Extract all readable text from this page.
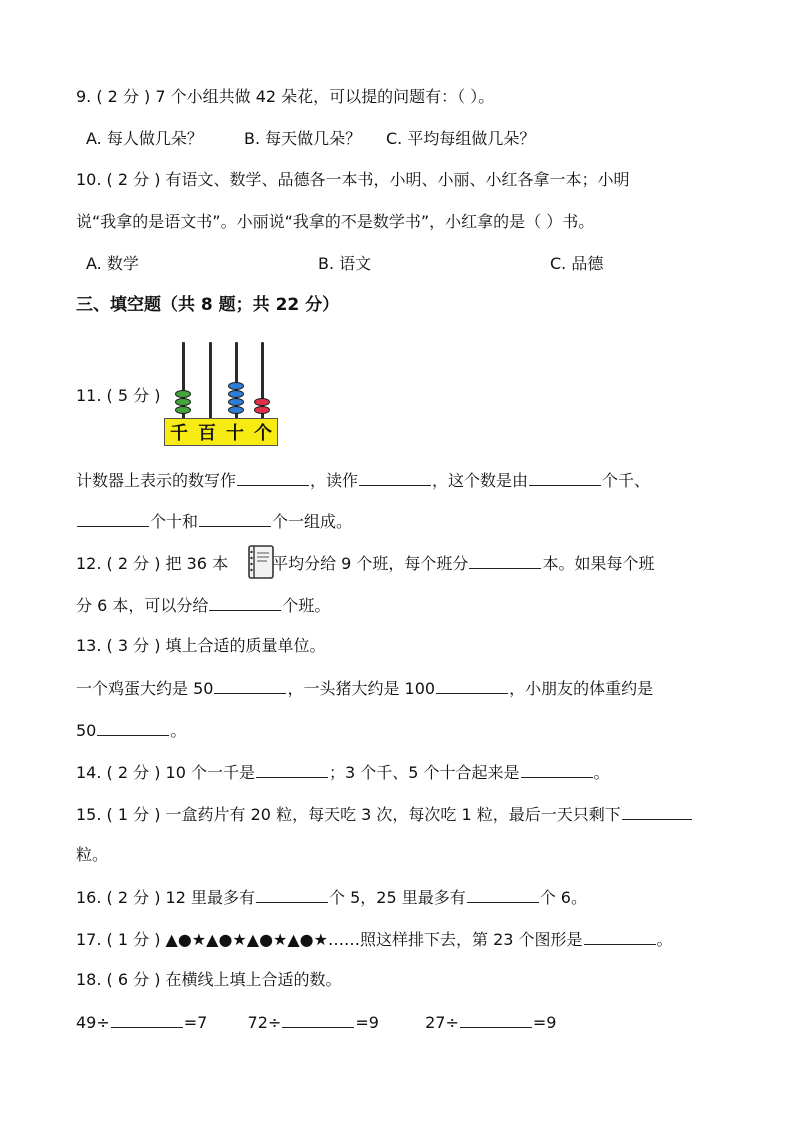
9. ( 2 分 ) 7 个小组共做 42 朵花，可以提的问题有：（ ）。
A. 每人做几朵？	B. 每天做几朵？ C. 平均每组做几朵？
10. ( 2 分 ) 有语文、数学、品德各一本书，小明、小丽、小红各拿一本；小明
说“我拿的是语文书”。小丽说“我拿的不是数学书”，小红拿的是（ ）书。
A. 数学	B. 语文	C. 品德
三、填空题（共 8 题；共 22 分）
11. ( 5 分 )
千 百 十 个
计数器上表示的数写作	，读作	，这个数是由	个千、
个十和	个一组成。
12. ( 2 分 ) 把 36 本	平均分给 9 个班，每个班分	本。如果每个班
分 6 本，可以分给	个班。
13. ( 3 分 ) 填上合适的质量单位。
一个鸡蛋大约是 50	，一头猪大约是 100	，小朋友的体重约是
50	。
14. ( 2 分 ) 10 个一千是	；3 个千、5 个十合起来是	。
15. ( 1 分 ) 一盒药片有 20 粒，每天吃 3 次，每次吃 1 粒，最后一天只剩下
粒。
16. ( 2 分 ) 12 里最多有	个 5，25 里最多有	个 6。
17. ( 1 分 ) ▲●★▲●★▲●★▲●★……照这样排下去，第 23 个图形是	。
18. ( 6 分 ) 在横线上填上合适的数。
49÷	=7	72÷	=9	27÷	=9
